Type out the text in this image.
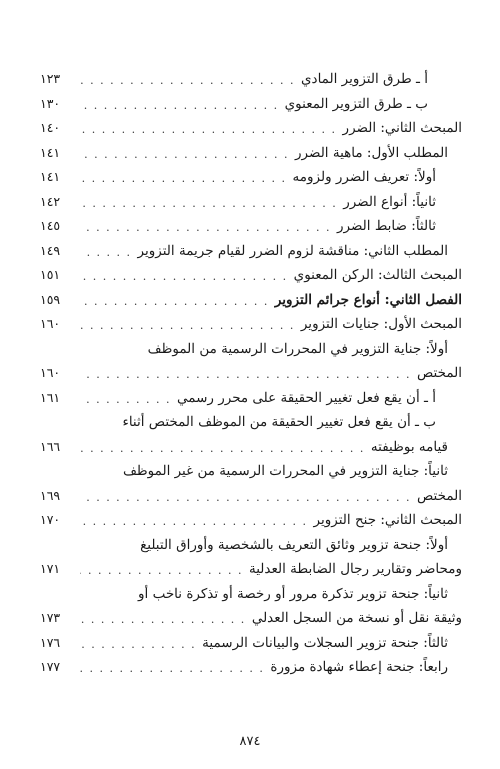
أ ـ طرق التزوير المادي
. . .
١٢٣
ب ـ طرق التزوير المعنوي
. . .
١٣٠
المبحث الثاني: الضرر
. . .
١٤٠
المطلب الأول: ماهية الضرر
. . .
١٤١
أولاً: تعريف الضرر ولزومه
. . .
١٤١
ثانياً: أنواع الضرر
. . .
١٤٢
ثالثاً: ضابط الضرر
. . .
١٤٥
المطلب الثاني: مناقشة لزوم الضرر لقيام جريمة التزوير
. . .
١٤٩
المبحث الثالث: الركن المعنوي
. . .
١٥١
الفصل الثاني: أنواع جرائم التزوير
. . .
١٥٩
المبحث الأول: جنايات التزوير
. . .
١٦٠
أولاً: جناية التزوير في المحررات الرسمية من الموظف
المختص
. . .
١٦٠
أ ـ أن يقع فعل تغيير الحقيقة على محرر رسمي
. . .
١٦١
ب ـ أن يقع فعل تغيير الحقيقة من الموظف المختص أثناء
قيامه بوظيفته
. . .
١٦٦
ثانياً: جناية التزوير في المحررات الرسمية من غير الموظف
المختص
. . .
١٦٩
المبحث الثاني: جنح التزوير
. . .
١٧٠
أولاً: جنحة تزوير وثائق التعريف بالشخصية وأوراق التبليغ
ومحاضر وتقارير رجال الضابطة العدلية
. . .
١٧١
ثانياً: جنحة تزوير تذكرة مرور أو رخصة أو تذكرة ناخب أو
وثيقة نقل أو نسخة من السجل العدلي
. . .
١٧٣
ثالثاً: جنحة تزوير السجلات والبيانات الرسمية
. . .
١٧٦
رابعاً: جنحة إعطاء شهادة مزورة
. . .
١٧٧
٨٧٤
